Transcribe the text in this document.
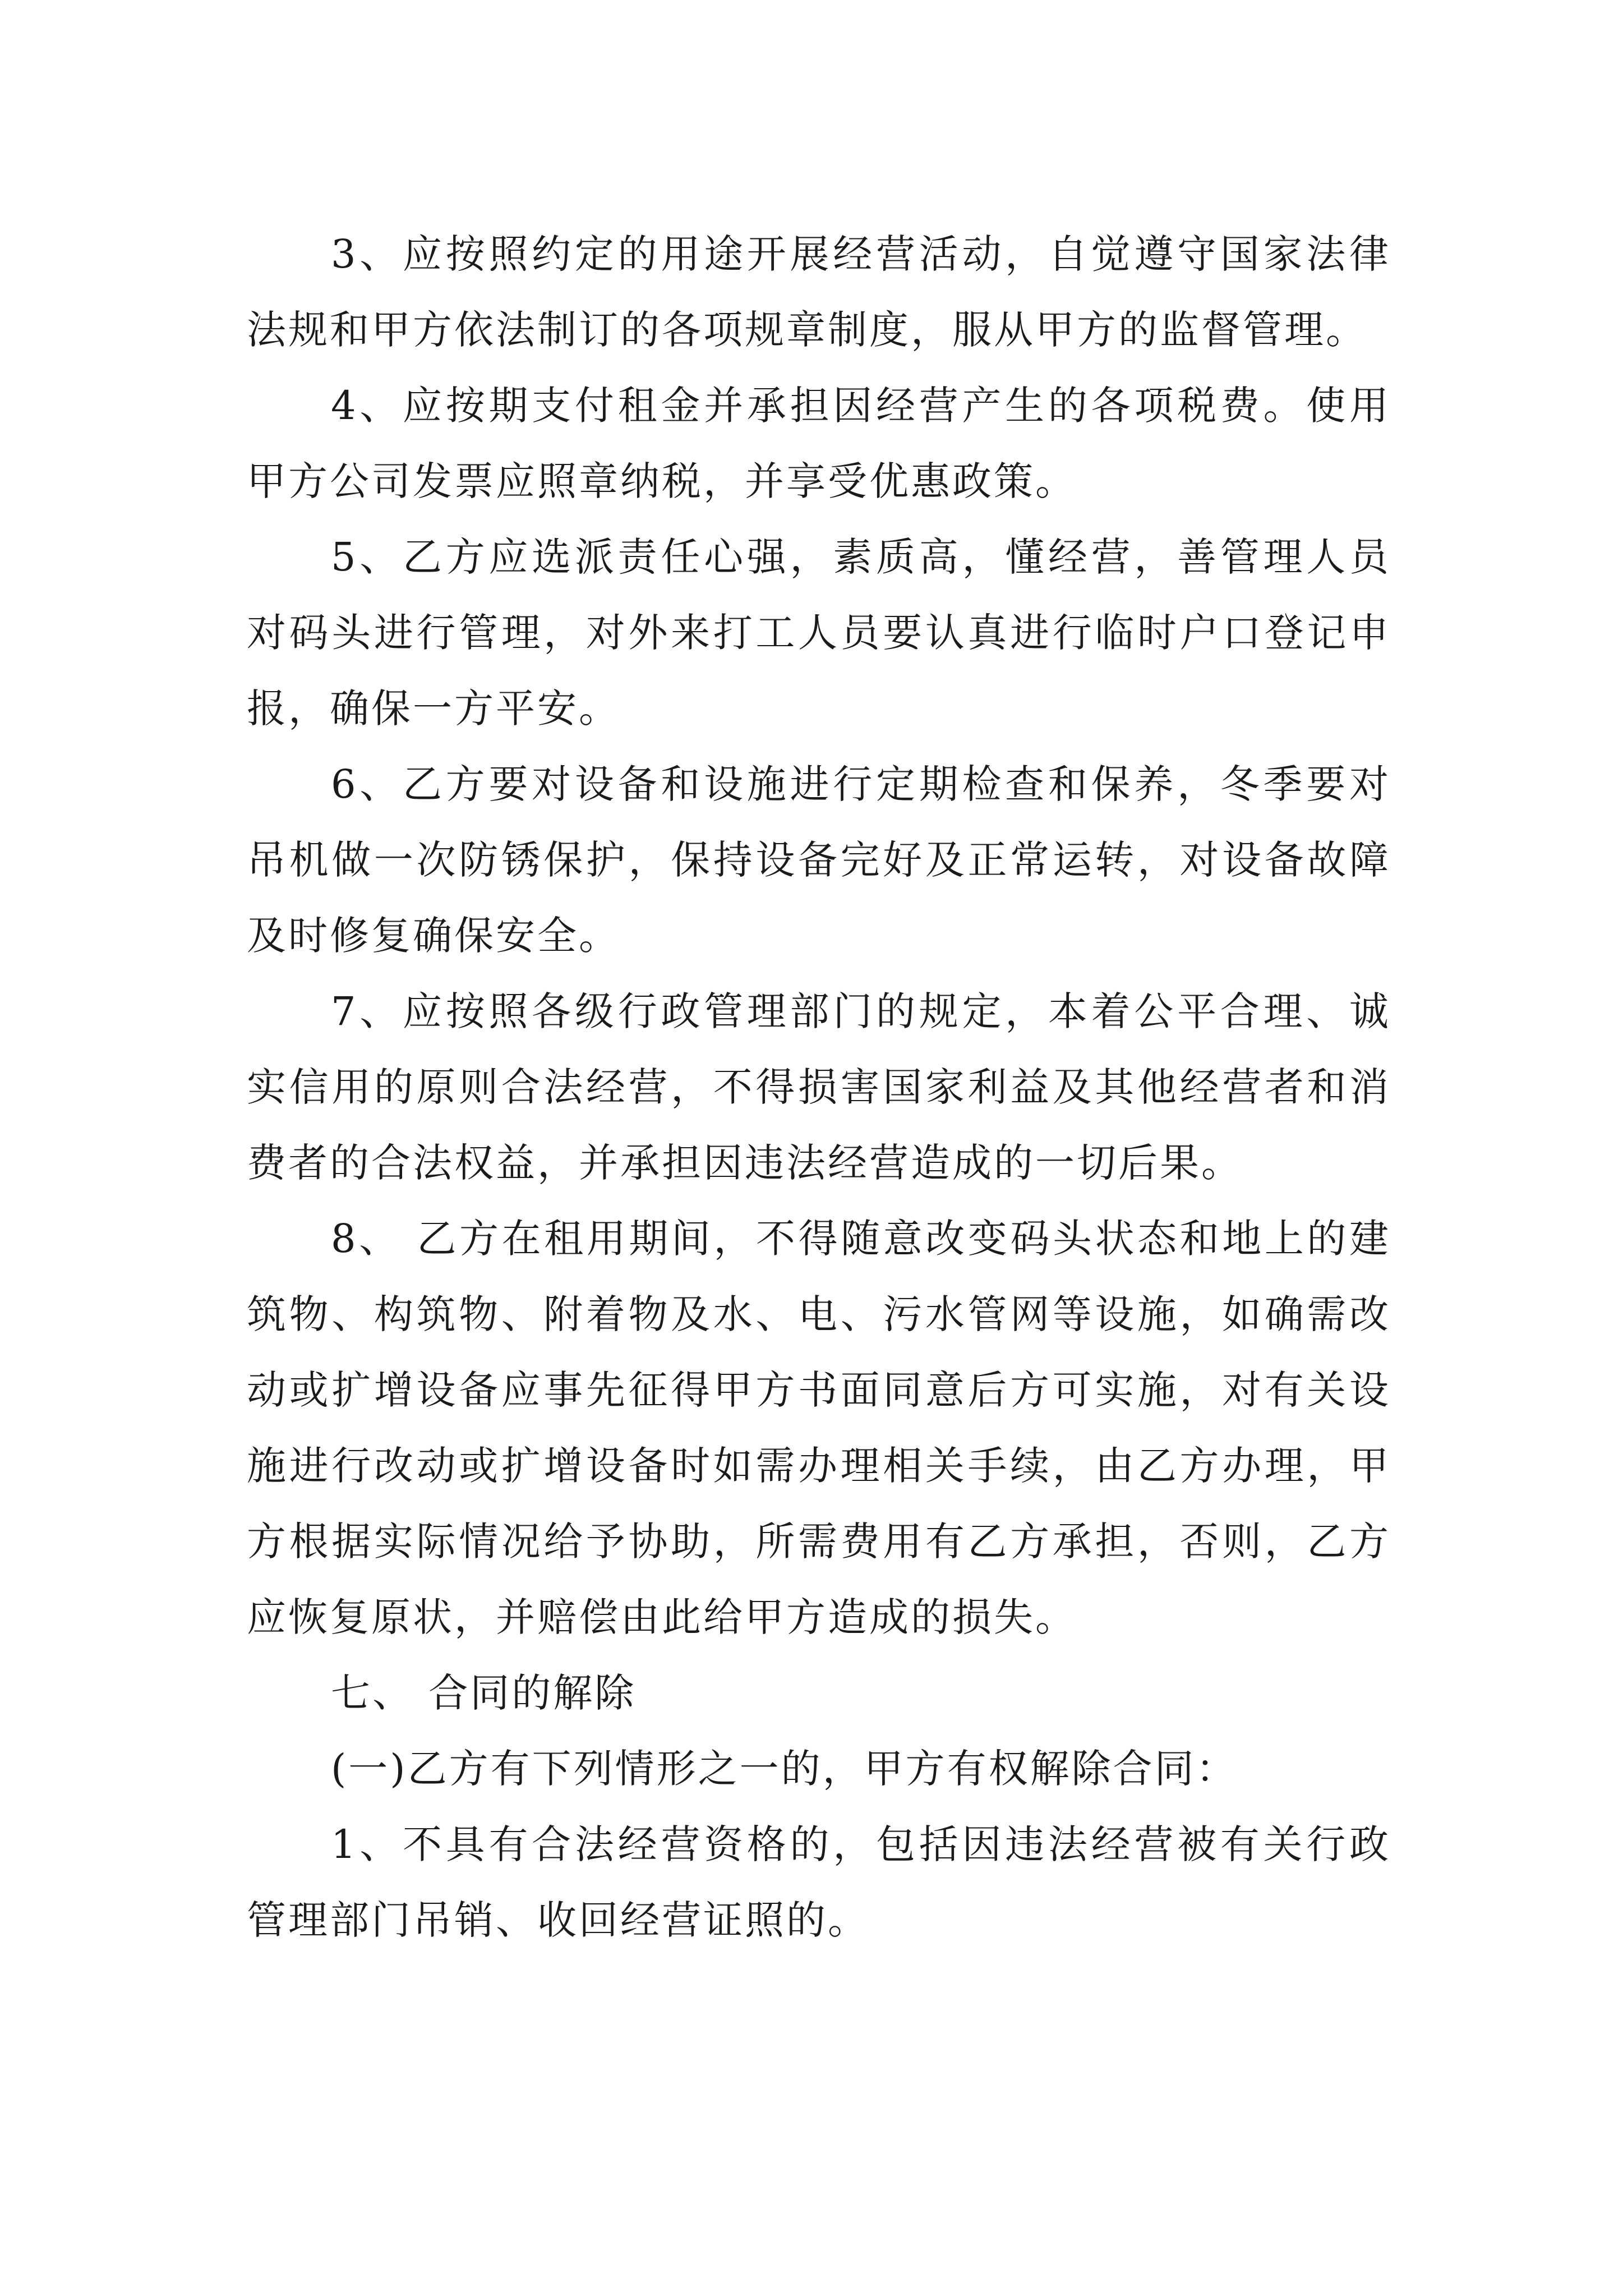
3、应按照约定的用途开展经营活动，自觉遵守国家法律法规和甲方依法制订的各项规章制度，服从甲方的监督管理。

4、应按期支付租金并承担因经营产生的各项税费。使用甲方公司发票应照章纳税，并享受优惠政策。

5、乙方应选派责任心强，素质高，懂经营，善管理人员对码头进行管理，对外来打工人员要认真进行临时户口登记申报，确保一方平安。

6、乙方要对设备和设施进行定期检查和保养，冬季要对吊机做一次防锈保护，保持设备完好及正常运转，对设备故障及时修复确保安全。

7、应按照各级行政管理部门的规定，本着公平合理、诚实信用的原则合法经营，不得损害国家利益及其他经营者和消费者的合法权益，并承担因违法经营造成的一切后果。

8、 乙方在租用期间，不得随意改变码头状态和地上的建筑物、构筑物、附着物及水、电、污水管网等设施，如确需改动或扩增设备应事先征得甲方书面同意后方可实施，对有关设施进行改动或扩增设备时如需办理相关手续，由乙方办理，甲方根据实际情况给予协助，所需费用有乙方承担，否则，乙方应恢复原状，并赔偿由此给甲方造成的损失。

七、 合同的解除

(一)乙方有下列情形之一的，甲方有权解除合同：

1、不具有合法经营资格的，包括因违法经营被有关行政管理部门吊销、收回经营证照的。
